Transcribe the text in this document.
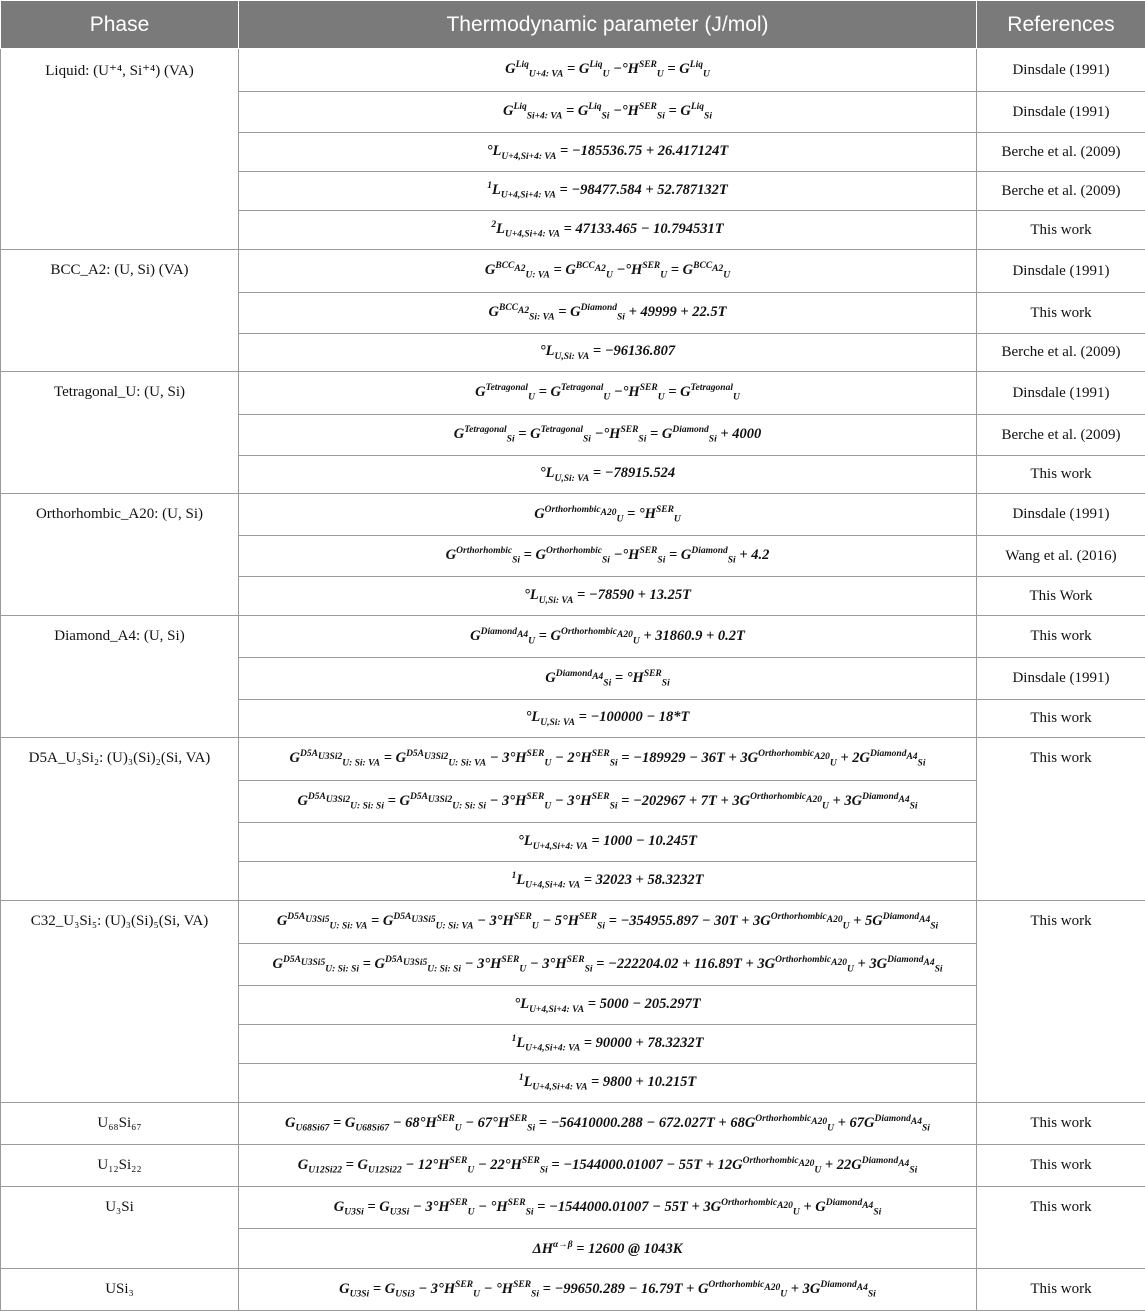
Phase	Thermodynamic parameter (J/mol)	References
Liquid: (U⁺⁴, Si⁺⁴) (VA)	$G^{Liq}_{U+4: VA} = G^{Liq}_U -^\circ H^{SER}_U = G^{Liq}_U$	Dinsdale (1991)
	$G^{Liq}_{Si+4: VA} = G^{Liq}_{Si} -^\circ H^{SER}_{Si} = G^{Liq}_{Si}$	Dinsdale (1991)
	$^\circ L_{U+4,Si+4: VA} = -185536.75 + 26.417124T$	Berche et al. (2009)
	$^1L_{U+4,Si+4: VA} = -98477.584 + 52.787132T$	Berche et al. (2009)
	$^2L_{U+4,Si+4: VA} = 47133.465 - 10.794531T$	This work
BCC_A2: (U, Si) (VA)	$G^{BCC_{A2}}_{U: VA} = G^{BCC_{A2}}_U -^\circ H^{SER}_U = G^{BCC_{A2}}_U$	Dinsdale (1991)
	$G^{BCC_{A2}}_{Si: VA} = G^{Diamond}_{Si} + 49999 + 22.5T$	This work
	$^\circ L_{U,Si: VA} = -96136.807$	Berche et al. (2009)
Tetragonal_U: (U, Si)	$G^{Tetragonal}_U = G^{Tetragonal}_U -^\circ H^{SER}_U = G^{Tetragonal}_U$	Dinsdale (1991)
	$G^{Tetragonal}_{Si} = G^{Tetragonal}_{Si} -^\circ H^{SER}_{Si} = G^{Diamond}_{Si} + 4000$	Berche et al. (2009)
	$^\circ L_{U,Si: VA} = -78915.524$	This work
Orthorhombic_A20: (U, Si)	$G^{Orthorhombic_{A20}}_U = ^\circ H^{SER}_U$	Dinsdale (1991)
	$G^{Orthorhombic}_{Si} = G^{Orthorhombic}_{Si} -^\circ H^{SER}_{Si} = G^{Diamond}_{Si} + 4.2$	Wang et al. (2016)
	$^\circ L_{U,Si: VA} = -78590 + 13.25T$	This Work
Diamond_A4: (U, Si)	$G^{Diamond_{A4}}_U = G^{Orthorhombic_{A20}}_U + 31860.9 + 0.2T$	This work
	$G^{Diamond_{A4}}_{Si} = ^\circ H^{SER}_{Si}$	Dinsdale (1991)
	$^\circ L_{U,Si: VA} = -100000 - 18*T$	This work
D5A_U₃Si₂: (U)₃(Si)₂(Si, VA)	$G^{D5A_{U3Si2}}_{U: Si: VA} = G^{D5A_{U3Si2}}_{U: Si: VA} - 3^\circ H^{SER}_U - 2^\circ H^{SER}_{Si} = -189929 - 36T + 3G^{Orthorhombic_{A20}}_U + 2G^{Diamond_{A4}}_{Si}$	This work
	$G^{D5A_{U3Si2}}_{U: Si: Si} = G^{D5A_{U3Si2}}_{U: Si: Si} - 3^\circ H^{SER}_U - 3^\circ H^{SER}_{Si} = -202967 + 7T + 3G^{Orthorhombic_{A20}}_U + 3G^{Diamond_{A4}}_{Si}$
	$^\circ L_{U+4,Si+4: VA} = 1000 - 10.245T$	
	$^1L_{U+4,Si+4: VA} = 32023 + 58.3232T$	
C32_U₃Si₅: (U)₃(Si)₅(Si, VA)	$G^{D5A_{U3Si5}}_{U: Si: VA} = G^{D5A_{U3Si5}}_{U: Si: VA} - 3^\circ H^{SER}_U - 5^\circ H^{SER}_{Si} = -354955.897 - 30T + 3G^{Orthorhombic_{A20}}_U + 5G^{Diamond_{A4}}_{Si}$	This work
	$G^{D5A_{U3Si5}}_{U: Si: Si} = G^{D5A_{U3Si5}}_{U: Si: Si} - 3^\circ H^{SER}_U - 3^\circ H^{SER}_{Si} = -222204.02 + 116.89T + 3G^{Orthorhombic_{A20}}_U + 3G^{Diamond_{A4}}_{Si}$
	$^\circ L_{U+4,Si+4: VA} = 5000 - 205.297T$	
	$^1L_{U+4,Si+4: VA} = 90000 + 78.3232T$	
	$^1L_{U+4,Si+4: VA} = 9800 + 10.215T$	
U₆₈Si₆₇	$G_{U68Si67} = G_{U68Si67} - 68^\circ H^{SER}_U - 67^\circ H^{SER}_{Si} = -56410000.288 - 672.027T + 68G^{Orthorhombic_{A20}}_U + 67G^{Diamond_{A4}}_{Si}$	This work
U₁₂Si₂₂	$G_{U12Si22} = G_{U12Si22} - 12^\circ H^{SER}_U - 22^\circ H^{SER}_{Si} = -1544000.01007 - 55T + 12G^{Orthorhombic_{A20}}_U + 22G^{Diamond_{A4}}_{Si}$	This work
U₃Si	$G_{U3Si} = G_{U3Si} - 3^\circ H^{SER}_U - ^\circ H^{SER}_{Si} = -1544000.01007 - 55T + 3G^{Orthorhombic_{A20}}_U + G^{Diamond_{A4}}_{Si}$	This work
	$\Delta H^{\alpha\to\beta} = 12600$ @ 1043K	
USi₃	$G_{U3Si} = G_{USi3} - 3^\circ H^{SER}_U - ^\circ H^{SER}_{Si} = -99650.289 - 16.79T + G^{Orthorhombic_{A20}}_U + 3G^{Diamond_{A4}}_{Si}$	This work
